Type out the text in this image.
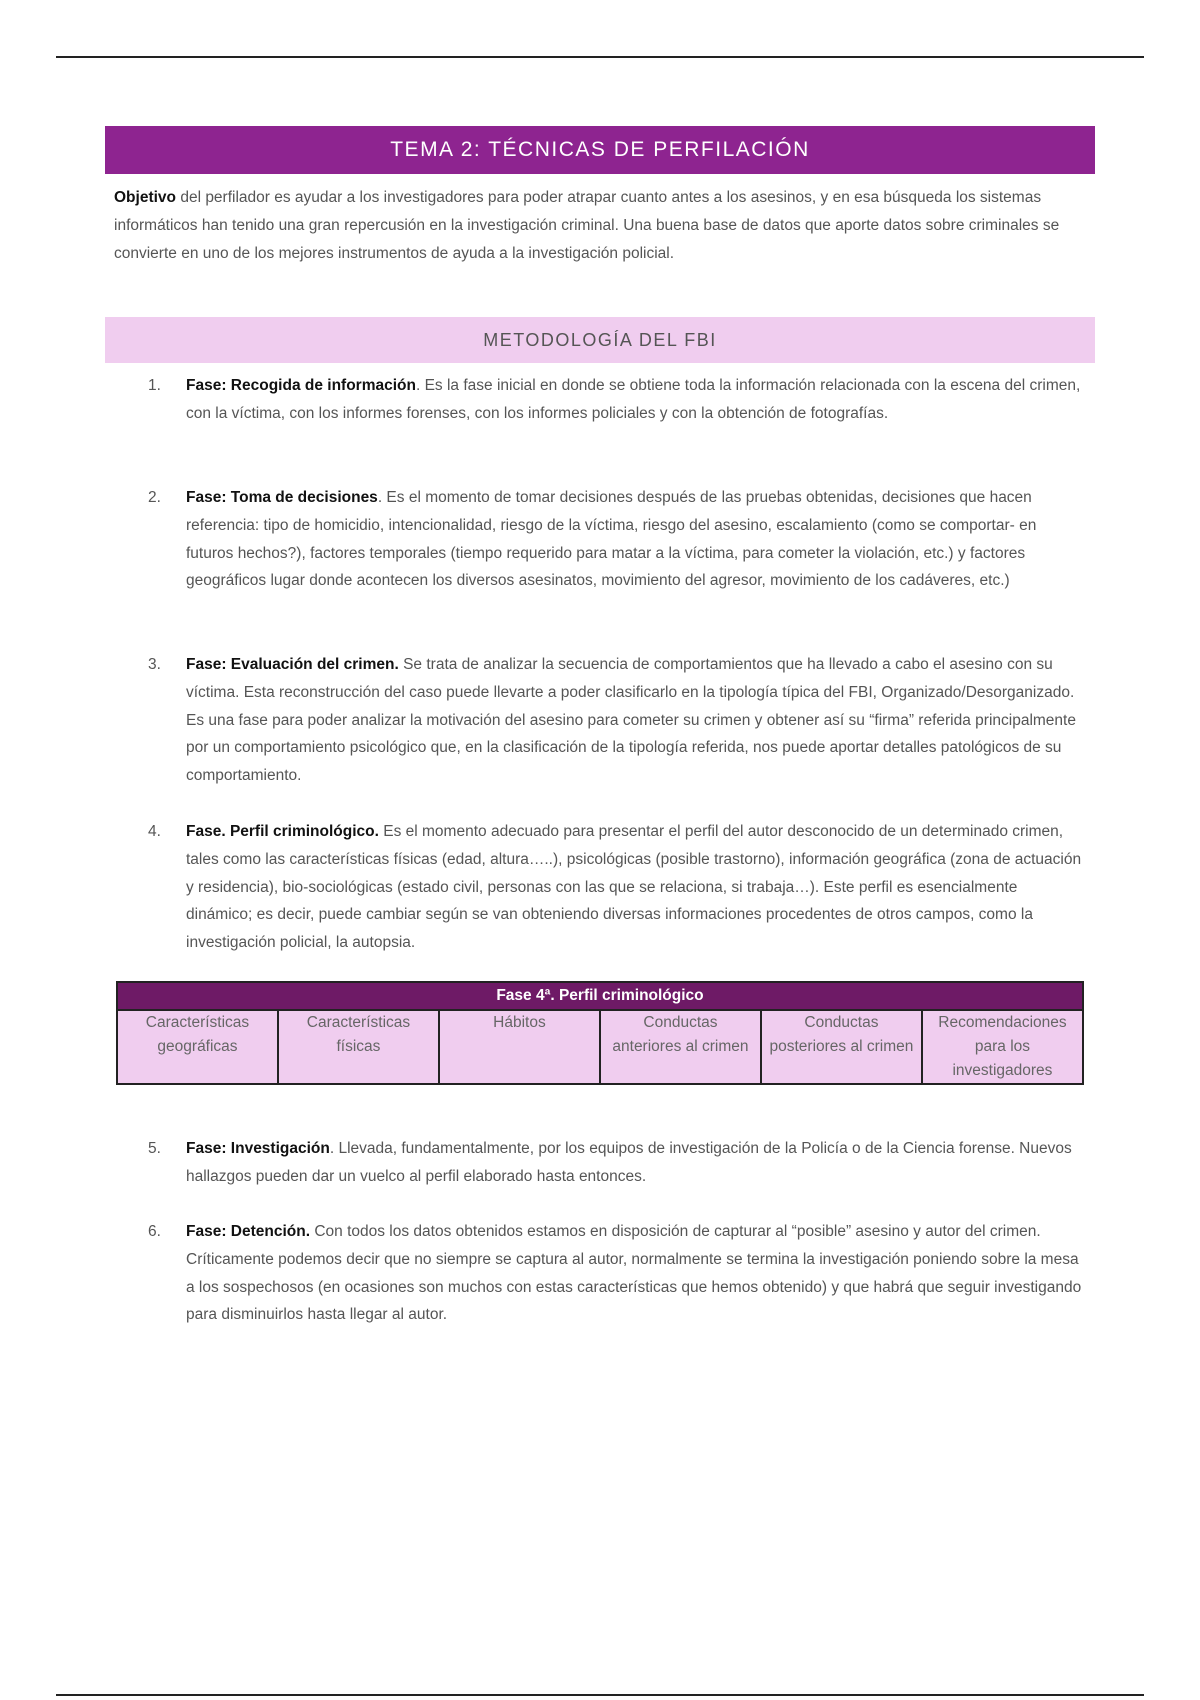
TEMA 2: TÉCNICAS DE PERFILACIÓN
Objetivo del perfilador es ayudar a los investigadores para poder atrapar cuanto antes a los asesinos, y en esa búsqueda los sistemas informáticos han tenido una gran repercusión en la investigación criminal. Una buena base de datos que aporte datos sobre criminales se convierte en uno de los mejores instrumentos de ayuda a la investigación policial.
METODOLOGÍA DEL FBI
1.	Fase: Recogida de información. Es la fase inicial en donde se obtiene toda la información relacionada con la escena del crimen, con la víctima, con los informes forenses, con los informes policiales y con la obtención de fotografías.
2.	Fase: Toma de decisiones. Es el momento de tomar decisiones después de las pruebas obtenidas, decisiones que hacen referencia: tipo de homicidio, intencionalidad, riesgo de la víctima, riesgo del asesino, escalamiento (como se comportar- en futuros hechos?), factores temporales (tiempo requerido para matar a la víctima, para cometer la violación, etc.) y factores geográficos lugar donde acontecen los diversos asesinatos, movimiento del agresor, movimiento de los cadáveres, etc.)
3.	Fase: Evaluación del crimen. Se trata de analizar la secuencia de comportamientos que ha llevado a cabo el asesino con su víctima. Esta reconstrucción del caso puede llevarte a poder clasificarlo en la tipología típica del FBI, Organizado/Desorganizado. Es una fase para poder analizar la motivación del asesino para cometer su crimen y obtener así su “firma” referida principalmente por un comportamiento psicológico que, en la clasificación de la tipología referida, nos puede aportar detalles patológicos de su comportamiento.
4.	Fase. Perfil criminológico. Es el momento adecuado para presentar el perfil del autor desconocido de un determinado crimen, tales como las características físicas (edad, altura…..), psicológicas (posible trastorno), información geográfica (zona de actuación y residencia), bio-sociológicas (estado civil, personas con las que se relaciona, si trabaja…). Este perfil es esencialmente dinámico; es decir, puede cambiar según se van obteniendo diversas informaciones procedentes de otros campos, como la investigación policial, la autopsia.
Fase 4ª. Perfil criminológico
Características geográficas	Características físicas	Hábitos	Conductas anteriores al crimen	Conductas posteriores al crimen	Recomendaciones para los investigadores
5.	Fase: Investigación. Llevada, fundamentalmente, por los equipos de investigación de la Policía o de la Ciencia forense. Nuevos hallazgos pueden dar un vuelco al perfil elaborado hasta entonces.
6.	Fase: Detención. Con todos los datos obtenidos estamos en disposición de capturar al “posible” asesino y autor del crimen. Críticamente podemos decir que no siempre se captura al autor, normalmente se termina la investigación poniendo sobre la mesa a los sospechosos (en ocasiones son muchos con estas características que hemos obtenido) y que habrá que seguir investigando para disminuirlos hasta llegar al autor.
